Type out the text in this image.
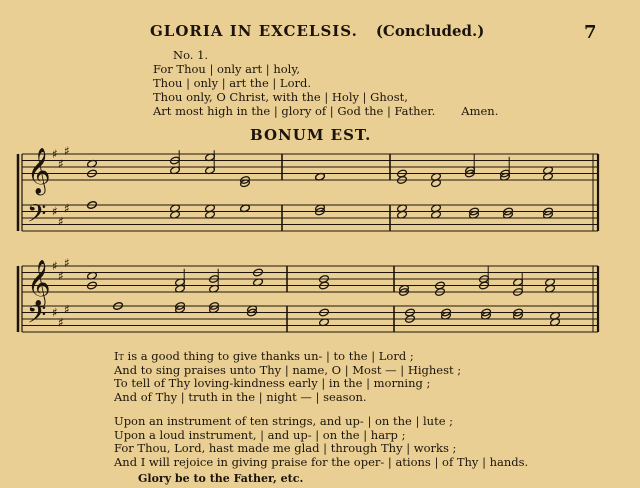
GLORIA IN EXCELSIS. (Concluded.)	7
No. 1.
For Thou | only art | holy,
Thou | only | art the | Lord.
Thou only, O Christ, with the | Holy | Ghost,
Art most high in the | glory of | God the | Father. Amen.
BONUM EST.
𝄞
𝄢
♯
♯
♯
♯
♯
♯
𝄞
𝄢
♯
♯
♯
♯
♯
♯
It is a good thing to give thanks un- | to the | Lord ;
And to sing praises unto Thy | name, O | Most — | Highest ;
To tell of Thy loving-kindness early | in the | morning ;
And of Thy | truth in the | night — | season.
Upon an instrument of ten strings, and up- | on the | lute ;
Upon a loud instrument, | and up- | on the | harp ;
For Thou, Lord, hast made me glad | through Thy | works ;
And I will rejoice in giving praise for the oper- | ations | of Thy | hands.
Glory be to the Father, etc.
